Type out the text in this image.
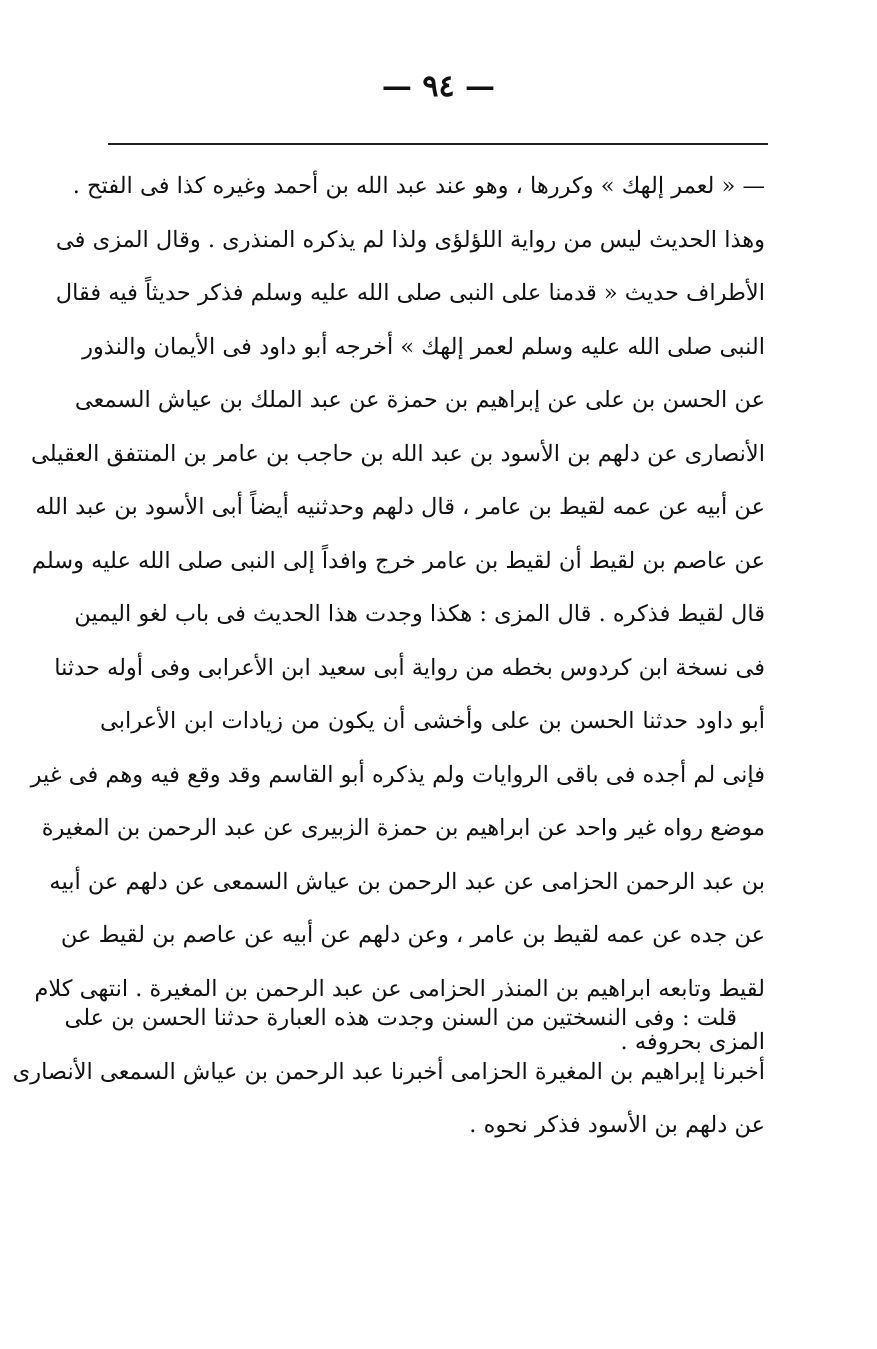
— ٩٤ —
— « لعمر إلهك » وكررها ، وهو عند عبد الله بن أحمد وغيره كذا فى الفتح .
وهذا الحديث ليس من رواية اللؤلؤى ولذا لم يذكره المنذرى . وقال المزى فى
الأطراف حديث « قدمنا على النبى صلى الله عليه وسلم فذكر حديثاً فيه فقال
النبى صلى الله عليه وسلم لعمر إلهك » أخرجه أبو داود فى الأيمان والنذور
عن الحسن بن على عن إبراهيم بن حمزة عن عبد الملك بن عياش السمعى
الأنصارى عن دلهم بن الأسود بن عبد الله بن حاجب بن عامر بن المنتفق العقيلى
عن أبيه عن عمه لقيط بن عامر ، قال دلهم وحدثنيه أيضاً أبى الأسود بن عبد الله
عن عاصم بن لقيط أن لقيط بن عامر خرج وافداً إلى النبى صلى الله عليه وسلم
قال لقيط فذكره . قال المزى : هكذا وجدت هذا الحديث فى باب لغو اليمين
فى نسخة ابن كردوس بخطه من رواية أبى سعيد ابن الأعرابى وفى أوله حدثنا
أبو داود حدثنا الحسن بن على وأخشى أن يكون من زيادات ابن الأعرابى
فإنى لم أجده فى باقى الروايات ولم يذكره أبو القاسم وقد وقع فيه وهم فى غير
موضع رواه غير واحد عن ابراهيم بن حمزة الزبيرى عن عبد الرحمن بن المغيرة
بن عبد الرحمن الحزامى عن عبد الرحمن بن عياش السمعى عن دلهم عن أبيه
عن جده عن عمه لقيط بن عامر ، وعن دلهم عن أبيه عن عاصم بن لقيط عن
لقيط وتابعه ابراهيم بن المنذر الحزامى عن عبد الرحمن بن المغيرة . انتهى كلام
المزى بحروفه .
قلت : وفى النسختين من السنن وجدت هذه العبارة حدثنا الحسن بن على
أخبرنا إبراهيم بن المغيرة الحزامى أخبرنا عبد الرحمن بن عياش السمعى الأنصارى
عن دلهم بن الأسود فذكر نحوه .
